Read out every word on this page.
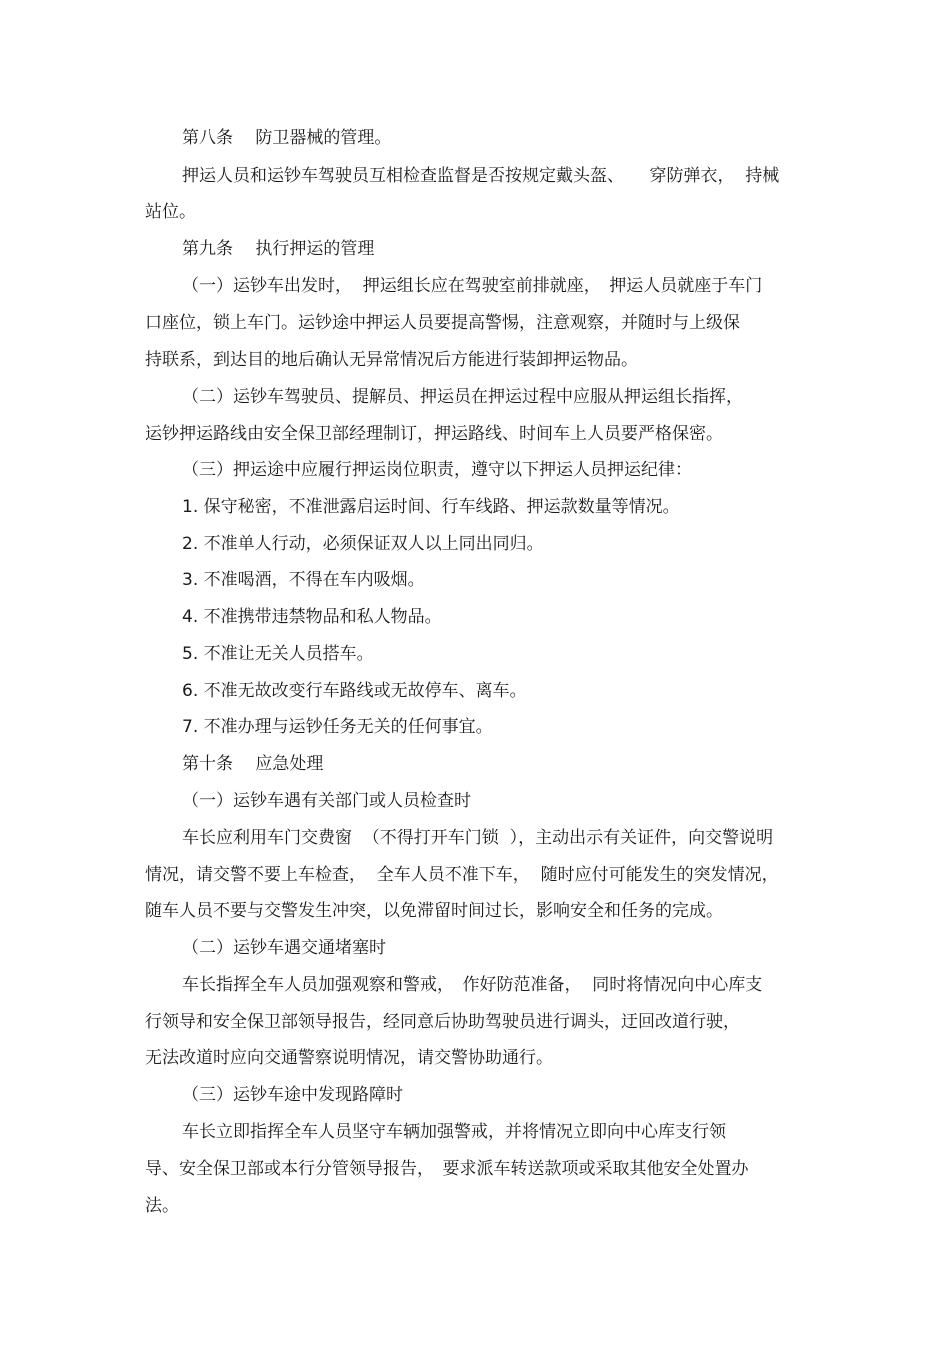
第八条　 防卫器械的管理。
押运人员和运钞车驾驶员互相检查监督是否按规定戴头盔、　　穿防弹衣，  持械
站位。
第九条　 执行押运的管理
（一）运钞车出发时，  押运组长应在驾驶室前排就座，　押运人员就座于车门
口座位，锁上车门。运钞途中押运人员要提高警惕，注意观察，并随时与上级保
持联系，到达目的地后确认无异常情况后方能进行装卸押运物品。
（二）运钞车驾驶员、提解员、押运员在押运过程中应服从押运组长指挥，
运钞押运路线由安全保卫部经理制订，押运路线、时间车上人员要严格保密。
（三）押运途中应履行押运岗位职责，遵守以下押运人员押运纪律：
1. 保守秘密，不准泄露启运时间、行车线路、押运款数量等情况。
2. 不准单人行动，必须保证双人以上同出同归。
3. 不准喝酒，不得在车内吸烟。
4. 不准携带违禁物品和私人物品。
5. 不准让无关人员搭车。
6. 不准无故改变行车路线或无故停车、离车。
7. 不准办理与运钞任务无关的任何事宜。
第十条　 应急处理
（一）运钞车遇有关部门或人员检查时
车长应利用车门交费窗  （不得打开车门锁  ），主动出示有关证件，向交警说明
情况，请交警不要上车检查，  全车人员不准下车，  随时应付可能发生的突发情况，
随车人员不要与交警发生冲突，以免滞留时间过长，影响安全和任务的完成。
（二）运钞车遇交通堵塞时
车长指挥全车人员加强观察和警戒，　作好防范准备，  同时将情况向中心库支
行领导和安全保卫部领导报告，经同意后协助驾驶员进行调头，迂回改道行驶，
无法改道时应向交通警察说明情况，请交警协助通行。
（三）运钞车途中发现路障时
车长立即指挥全车人员坚守车辆加强警戒，并将情况立即向中心库支行领
导、安全保卫部或本行分管领导报告，　要求派车转送款项或采取其他安全处置办
法。
